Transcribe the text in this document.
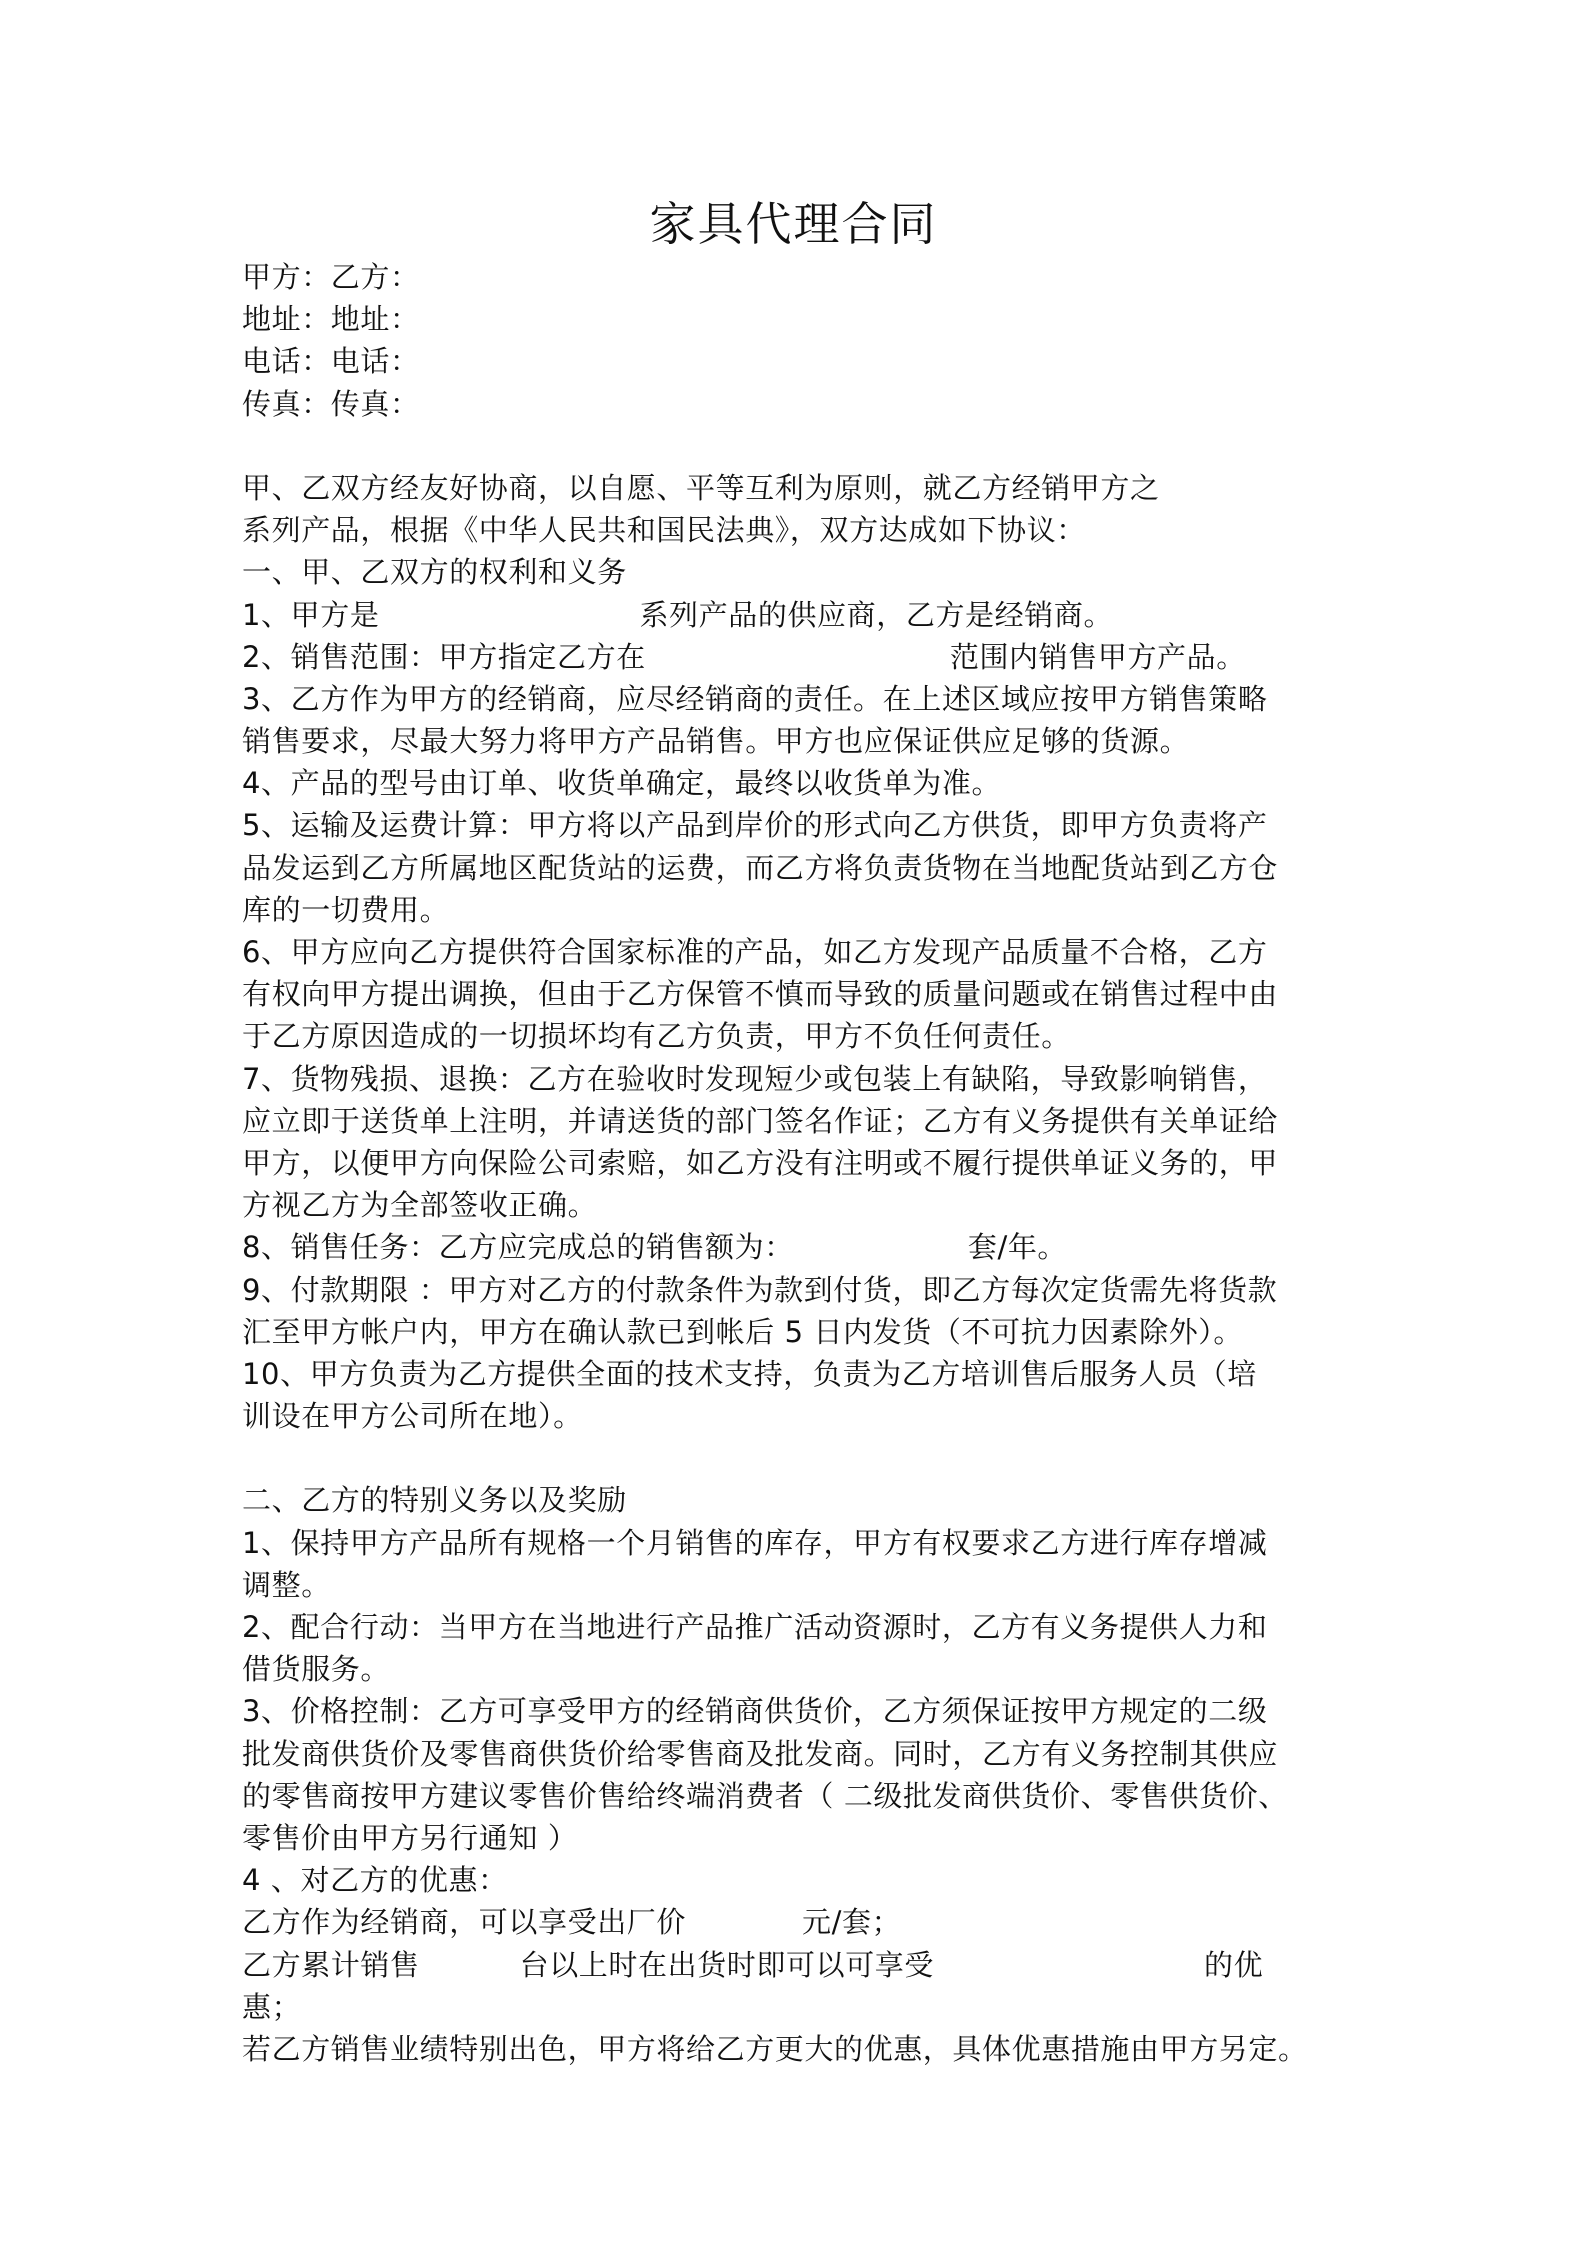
家具代理合同
甲方：乙方：
地址：地址：
电话：电话：
传真：传真：
甲、乙双方经友好协商，以自愿、平等互利为原则，就乙方经销甲方之
系列产品，根据《中华人民共和国民法典》，双方达成如下协议：
一、甲、乙双方的权利和义务
1、甲方是	系列产品的供应商，乙方是经销商。
2、销售范围：甲方指定乙方在	范围内销售甲方产品。
3、乙方作为甲方的经销商，应尽经销商的责任。在上述区域应按甲方销售策略
销售要求，尽最大努力将甲方产品销售。甲方也应保证供应足够的货源。
4、产品的型号由订单、收货单确定，最终以收货单为准。
5、运输及运费计算：甲方将以产品到岸价的形式向乙方供货，即甲方负责将产
品发运到乙方所属地区配货站的运费，而乙方将负责货物在当地配货站到乙方仓
库的一切费用。
6、甲方应向乙方提供符合国家标准的产品，如乙方发现产品质量不合格，乙方
有权向甲方提出调换，但由于乙方保管不慎而导致的质量问题或在销售过程中由
于乙方原因造成的一切损坏均有乙方负责，甲方不负任何责任。
7、货物残损、退换：乙方在验收时发现短少或包装上有缺陷，导致影响销售，
应立即于送货单上注明，并请送货的部门签名作证；乙方有义务提供有关单证给
甲方，以便甲方向保险公司索赔，如乙方没有注明或不履行提供单证义务的，甲
方视乙方为全部签收正确。
8、销售任务：乙方应完成总的销售额为：	套/年。
9、付款期限 ：甲方对乙方的付款条件为款到付货，即乙方每次定货需先将货款
汇至甲方帐户内，甲方在确认款已到帐后 5 日内发货（不可抗力因素除外）。
10、甲方负责为乙方提供全面的技术支持，负责为乙方培训售后服务人员（培
训设在甲方公司所在地）。
二、乙方的特别义务以及奖励
1、保持甲方产品所有规格一个月销售的库存，甲方有权要求乙方进行库存增减
调整。
2、配合行动：当甲方在当地进行产品推广活动资源时，乙方有义务提供人力和
借货服务。
3、价格控制：乙方可享受甲方的经销商供货价，乙方须保证按甲方规定的二级
批发商供货价及零售商供货价给零售商及批发商。同时，乙方有义务控制其供应
的零售商按甲方建议零售价售给终端消费者（ 二级批发商供货价、零售供货价、
零售价由甲方另行通知 ）
4 、对乙方的优惠：
乙方作为经销商，可以享受出厂价	元/套；
乙方累计销售	台以上时在出货时即可以可享受	的优
惠；
若乙方销售业绩特别出色，甲方将给乙方更大的优惠，具体优惠措施由甲方另定。
